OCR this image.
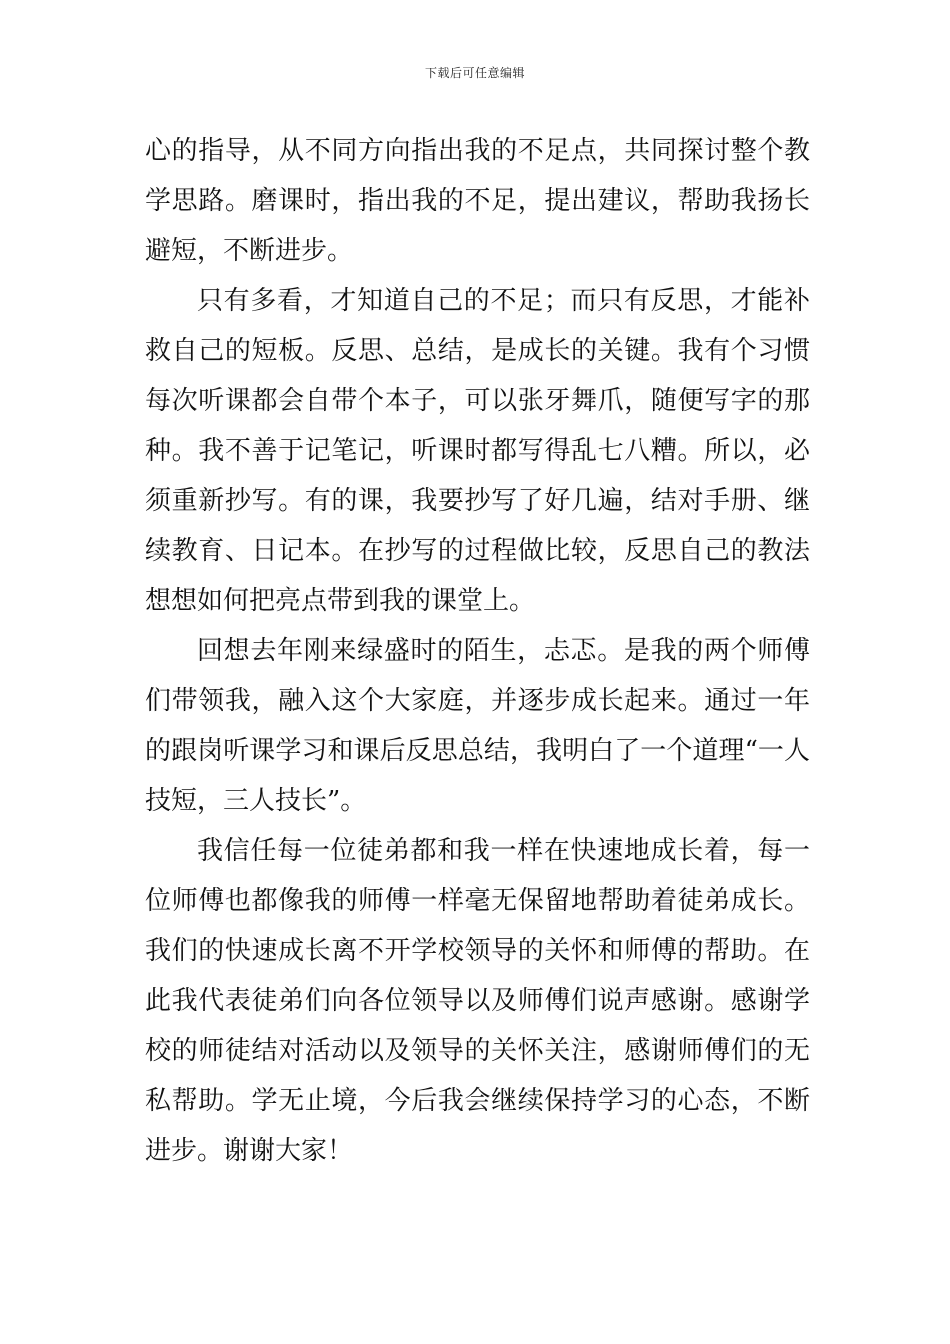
下载后可任意编辑

心的指导，从不同方向指出我的不足点，共同探讨整个教学思路。磨课时，指出我的不足，提出建议，帮助我扬长避短，不断进步。

只有多看，才知道自己的不足；而只有反思，才能补救自己的短板。反思、总结，是成长的关键。我有个习惯每次听课都会自带个本子，可以张牙舞爪，随便写字的那种。我不善于记笔记，听课时都写得乱七八糟。所以，必须重新抄写。有的课，我要抄写了好几遍，结对手册、继续教育、日记本。在抄写的过程做比较，反思自己的教法想想如何把亮点带到我的课堂上。

回想去年刚来绿盛时的陌生，忐忑。是我的两个师傅们带领我，融入这个大家庭，并逐步成长起来。通过一年的跟岗听课学习和课后反思总结，我明白了一个道理“一人技短，三人技长”。

我信任每一位徒弟都和我一样在快速地成长着，每一位师傅也都像我的师傅一样毫无保留地帮助着徒弟成长。我们的快速成长离不开学校领导的关怀和师傅的帮助。在此我代表徒弟们向各位领导以及师傅们说声感谢。感谢学校的师徒结对活动以及领导的关怀关注，感谢师傅们的无私帮助。学无止境，今后我会继续保持学习的心态，不断进步。谢谢大家！
